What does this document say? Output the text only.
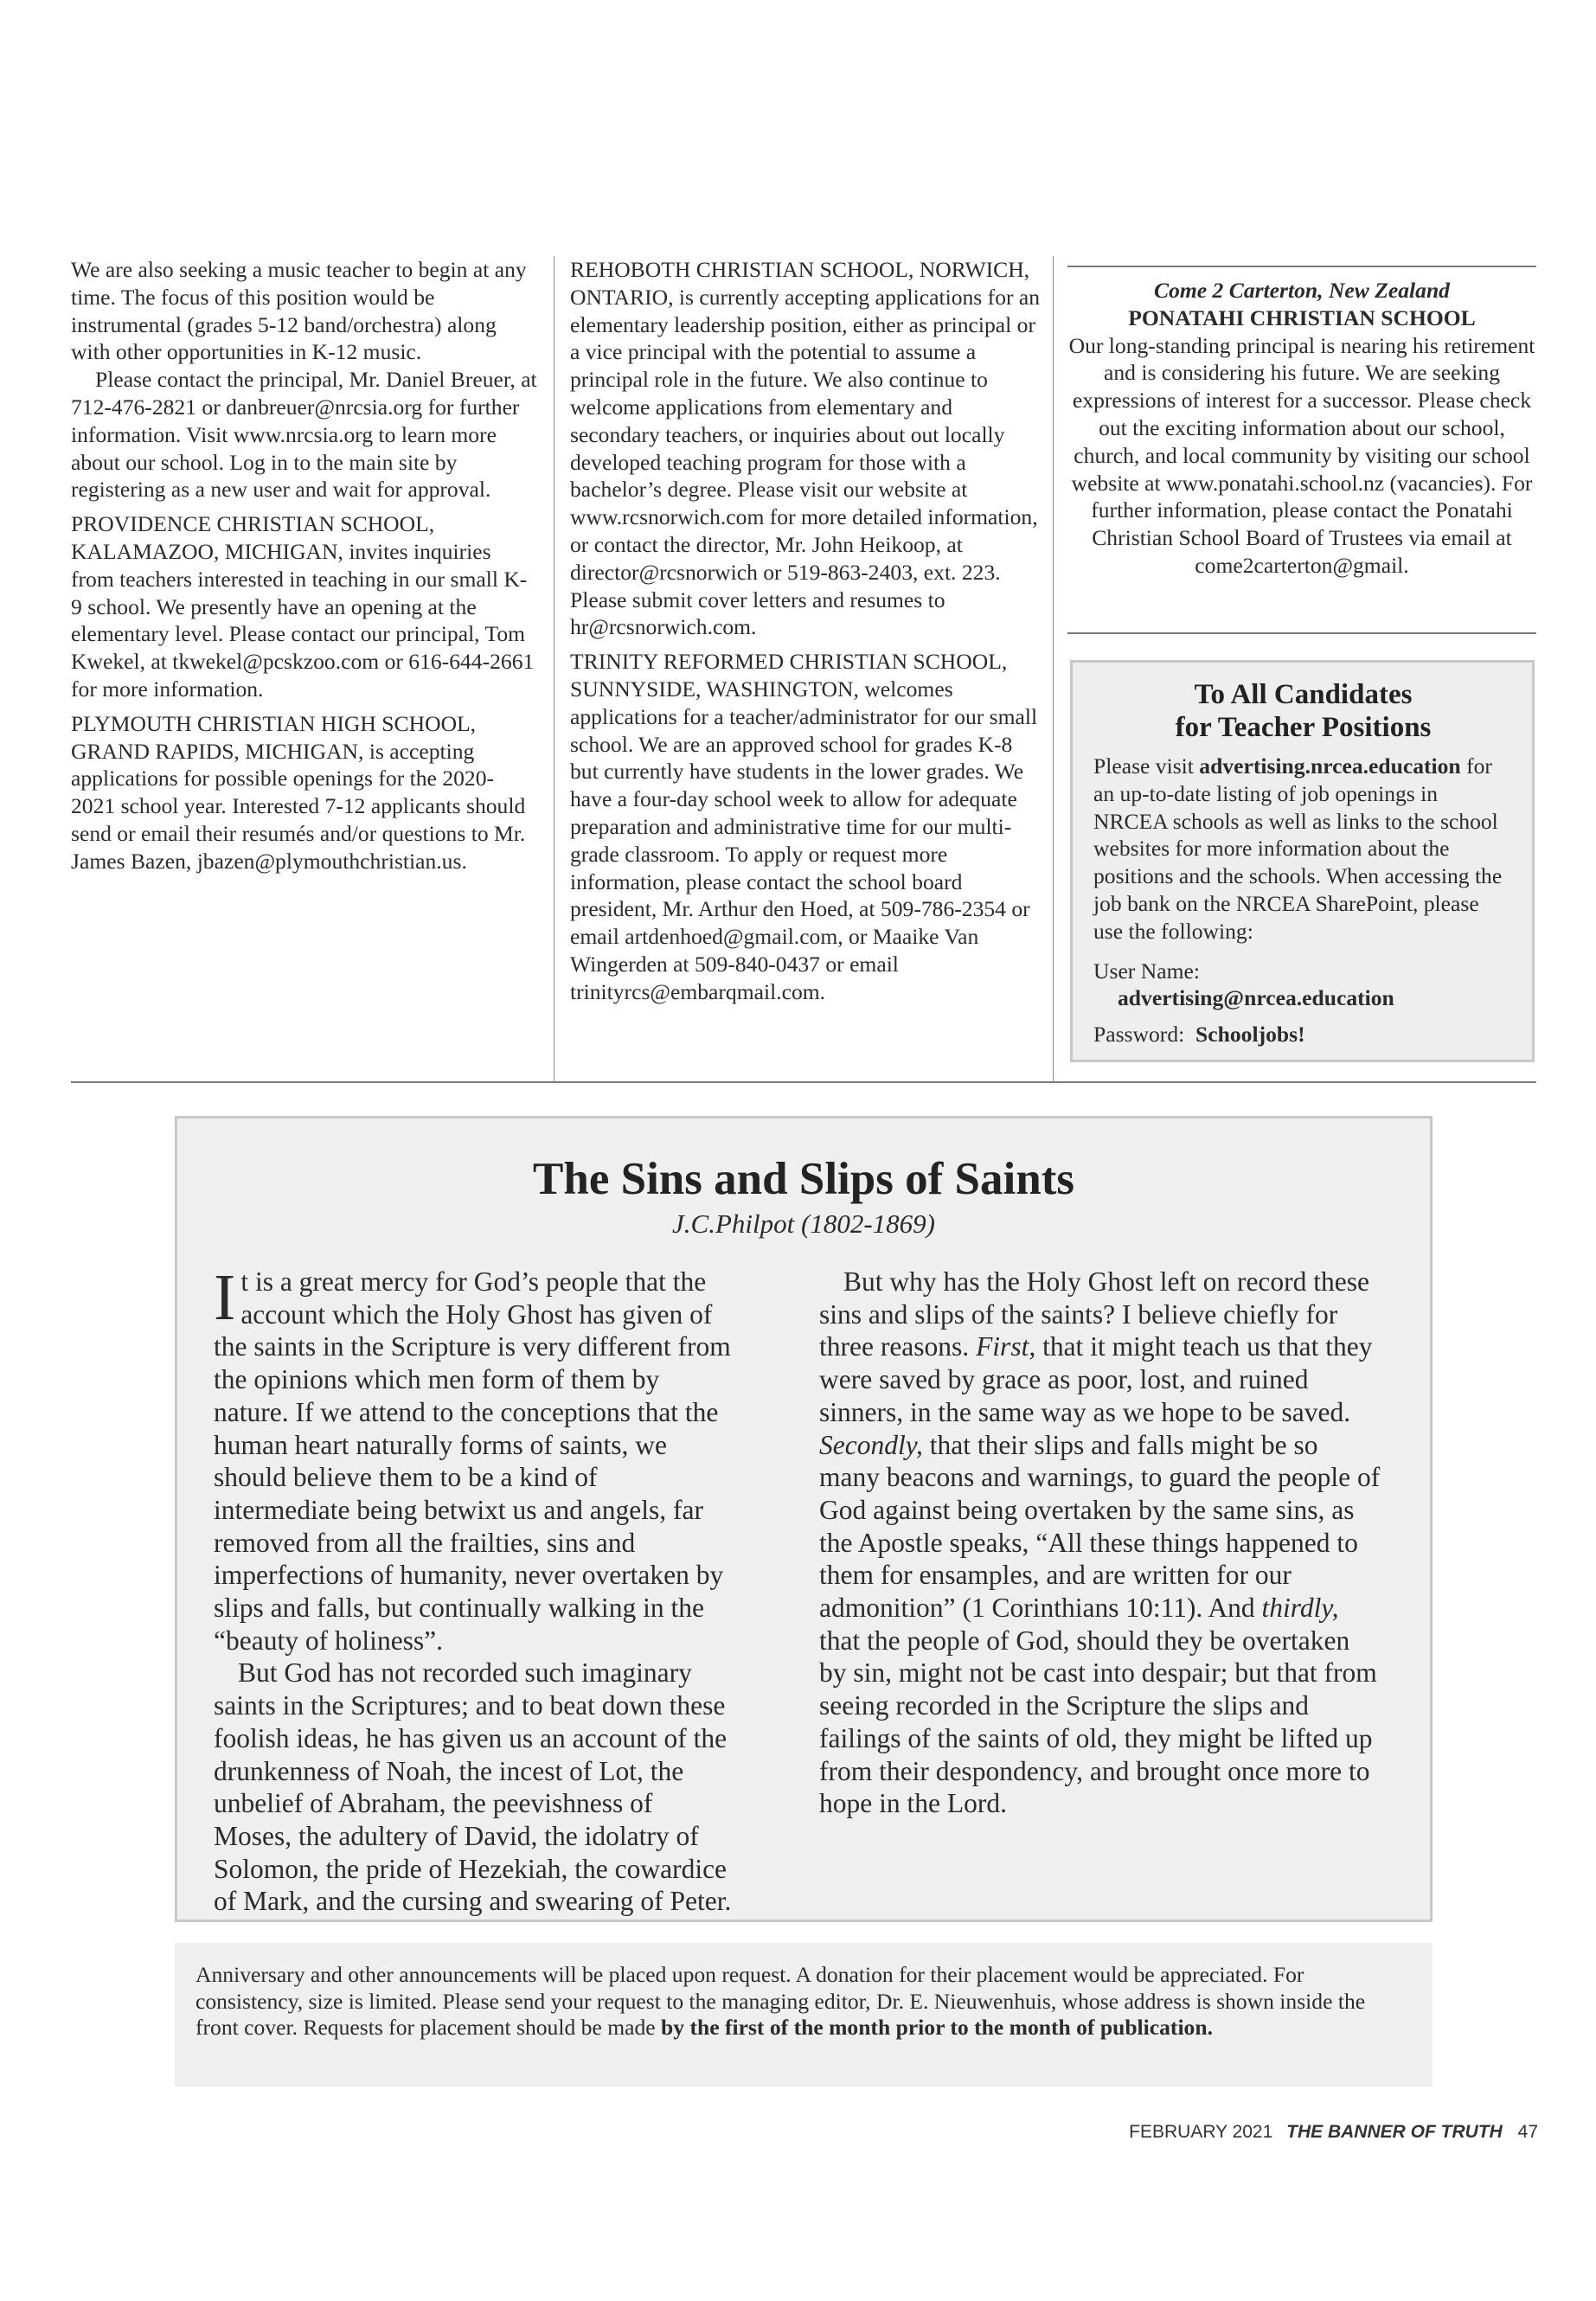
We are also seeking a music teacher to begin at any time. The focus of this position would be instrumental (grades 5-12 band/orchestra) along with other opportunities in K-12 music.

Please contact the principal, Mr. Daniel Breuer, at 712-476-2821 or danbreuer@nrcsia.org for further information. Visit www.nrcsia.org to learn more about our school. Log in to the main site by registering as a new user and wait for approval.

PROVIDENCE CHRISTIAN SCHOOL, KALAMAZOO, MICHIGAN, invites inquiries from teachers interested in teaching in our small K-9 school. We presently have an opening at the elementary level. Please contact our principal, Tom Kwekel, at tkwekel@pcskzoo.com or 616-644-2661 for more information.

PLYMOUTH CHRISTIAN HIGH SCHOOL, GRAND RAPIDS, MICHIGAN, is accepting applications for possible openings for the 2020-2021 school year. Interested 7-12 applicants should send or email their resumés and/or questions to Mr. James Bazen, jbazen@plymouthchristian.us.

REHOBOTH CHRISTIAN SCHOOL, NORWICH, ONTARIO, is currently accepting applications for an elementary leadership position, either as principal or a vice principal with the potential to assume a principal role in the future. We also continue to welcome applications from elementary and secondary teachers, or inquiries about out locally developed teaching program for those with a bachelor’s degree. Please visit our website at www.rcsnorwich.com for more detailed information, or contact the director, Mr. John Heikoop, at director@rcsnorwich or 519-863-2403, ext. 223. Please submit cover letters and resumes to hr@rcsnorwich.com.

TRINITY REFORMED CHRISTIAN SCHOOL, SUNNYSIDE, WASHINGTON, welcomes applications for a teacher/administrator for our small school. We are an approved school for grades K-8 but currently have students in the lower grades. We have a four-day school week to allow for adequate preparation and administrative time for our multi-grade classroom. To apply or request more information, please contact the school board president, Mr. Arthur den Hoed, at 509-786-2354 or email artdenhoed@gmail.com, or Maaike Van Wingerden at 509-840-0437 or email trinityrcs@embarqmail.com.

Come 2 Carterton, New Zealand

PONATAHI CHRISTIAN SCHOOL

Our long-standing principal is nearing his retirement and is considering his future. We are seeking expressions of interest for a successor. Please check out the exciting information about our school, church, and local community by visiting our school website at www.ponatahi.school.nz (vacancies). For further information, please contact the Ponatahi Christian School Board of Trustees via email at come2carterton@gmail.

To All Candidates
for Teacher Positions

Please visit advertising.nrcea.education for an up-to-date listing of job openings in NRCEA schools as well as links to the school websites for more information about the positions and the schools. When accessing the job bank on the NRCEA SharePoint, please use the following:

User Name:

advertising@nrcea.education

Password: Schooljobs!

The Sins and Slips of Saints
J.C.Philpot (1802-1869)

It is a great mercy for God’s people that the account which the Holy Ghost has given of the saints in the Scripture is very different from the opinions which men form of them by nature. If we attend to the conceptions that the human heart naturally forms of saints, we should believe them to be a kind of intermediate being betwixt us and angels, far removed from all the frailties, sins and imperfections of humanity, never overtaken by slips and falls, but continually walking in the “beauty of holiness”.

But God has not recorded such imaginary saints in the Scriptures; and to beat down these foolish ideas, he has given us an account of the drunkenness of Noah, the incest of Lot, the unbelief of Abraham, the peevishness of Moses, the adultery of David, the idolatry of Solomon, the pride of Hezekiah, the cowardice of Mark, and the cursing and swearing of Peter.

But why has the Holy Ghost left on record these sins and slips of the saints? I believe chiefly for three reasons. First, that it might teach us that they were saved by grace as poor, lost, and ruined sinners, in the same way as we hope to be saved. Secondly, that their slips and falls might be so many beacons and warnings, to guard the people of God against being overtaken by the same sins, as the Apostle speaks, “All these things happened to them for ensamples, and are written for our admonition” (1 Corinthians 10:11). And thirdly, that the people of God, should they be overtaken by sin, might not be cast into despair; but that from seeing recorded in the Scripture the slips and failings of the saints of old, they might be lifted up from their despondency, and brought once more to hope in the Lord.

Anniversary and other announcements will be placed upon request. A donation for their placement would be appreciated. For consistency, size is limited. Please send your request to the managing editor, Dr. E. Nieuwenhuis, whose address is shown inside the front cover. Requests for placement should be made by the first of the month prior to the month of publication.

FEBRUARY 2021 THE BANNER OF TRUTH 47
